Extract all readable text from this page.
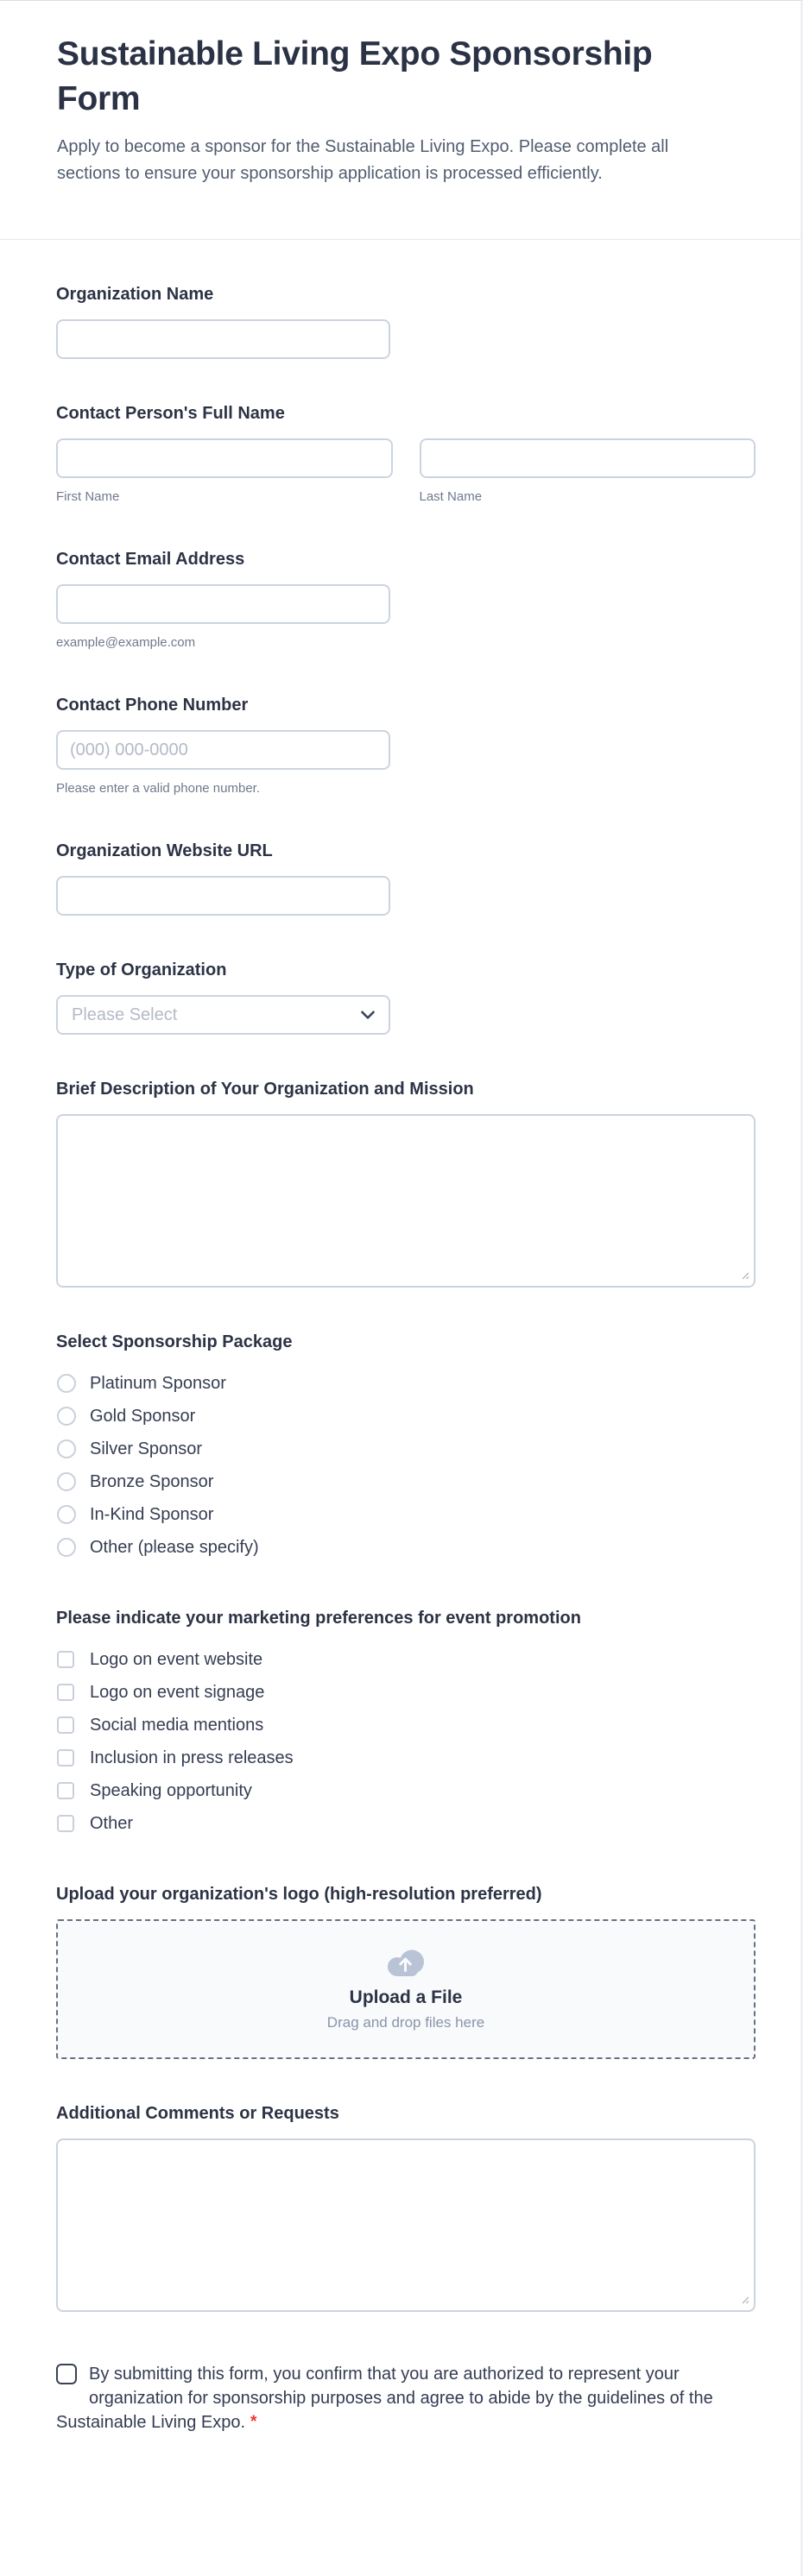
Sustainable Living Expo Sponsorship Form

Apply to become a sponsor for the Sustainable Living Expo. Please complete all sections to ensure your sponsorship application is processed efficiently.

Organization Name
Contact Person's Full Name
First Name	Last Name
Contact Email Address
example@example.com
Contact Phone Number
(000) 000-0000
Please enter a valid phone number.
Organization Website URL
Type of Organization
Please Select
Brief Description of Your Organization and Mission
Select Sponsorship Package
Platinum Sponsor
Gold Sponsor
Silver Sponsor
Bronze Sponsor
In-Kind Sponsor
Other (please specify)
Please indicate your marketing preferences for event promotion
Logo on event website
Logo on event signage
Social media mentions
Inclusion in press releases
Speaking opportunity
Other
Upload your organization's logo (high-resolution preferred)
Upload a File
Drag and drop files here
Additional Comments or Requests
By submitting this form, you confirm that you are authorized to represent your organization for sponsorship purposes and agree to abide by the guidelines of the Sustainable Living Expo. *
